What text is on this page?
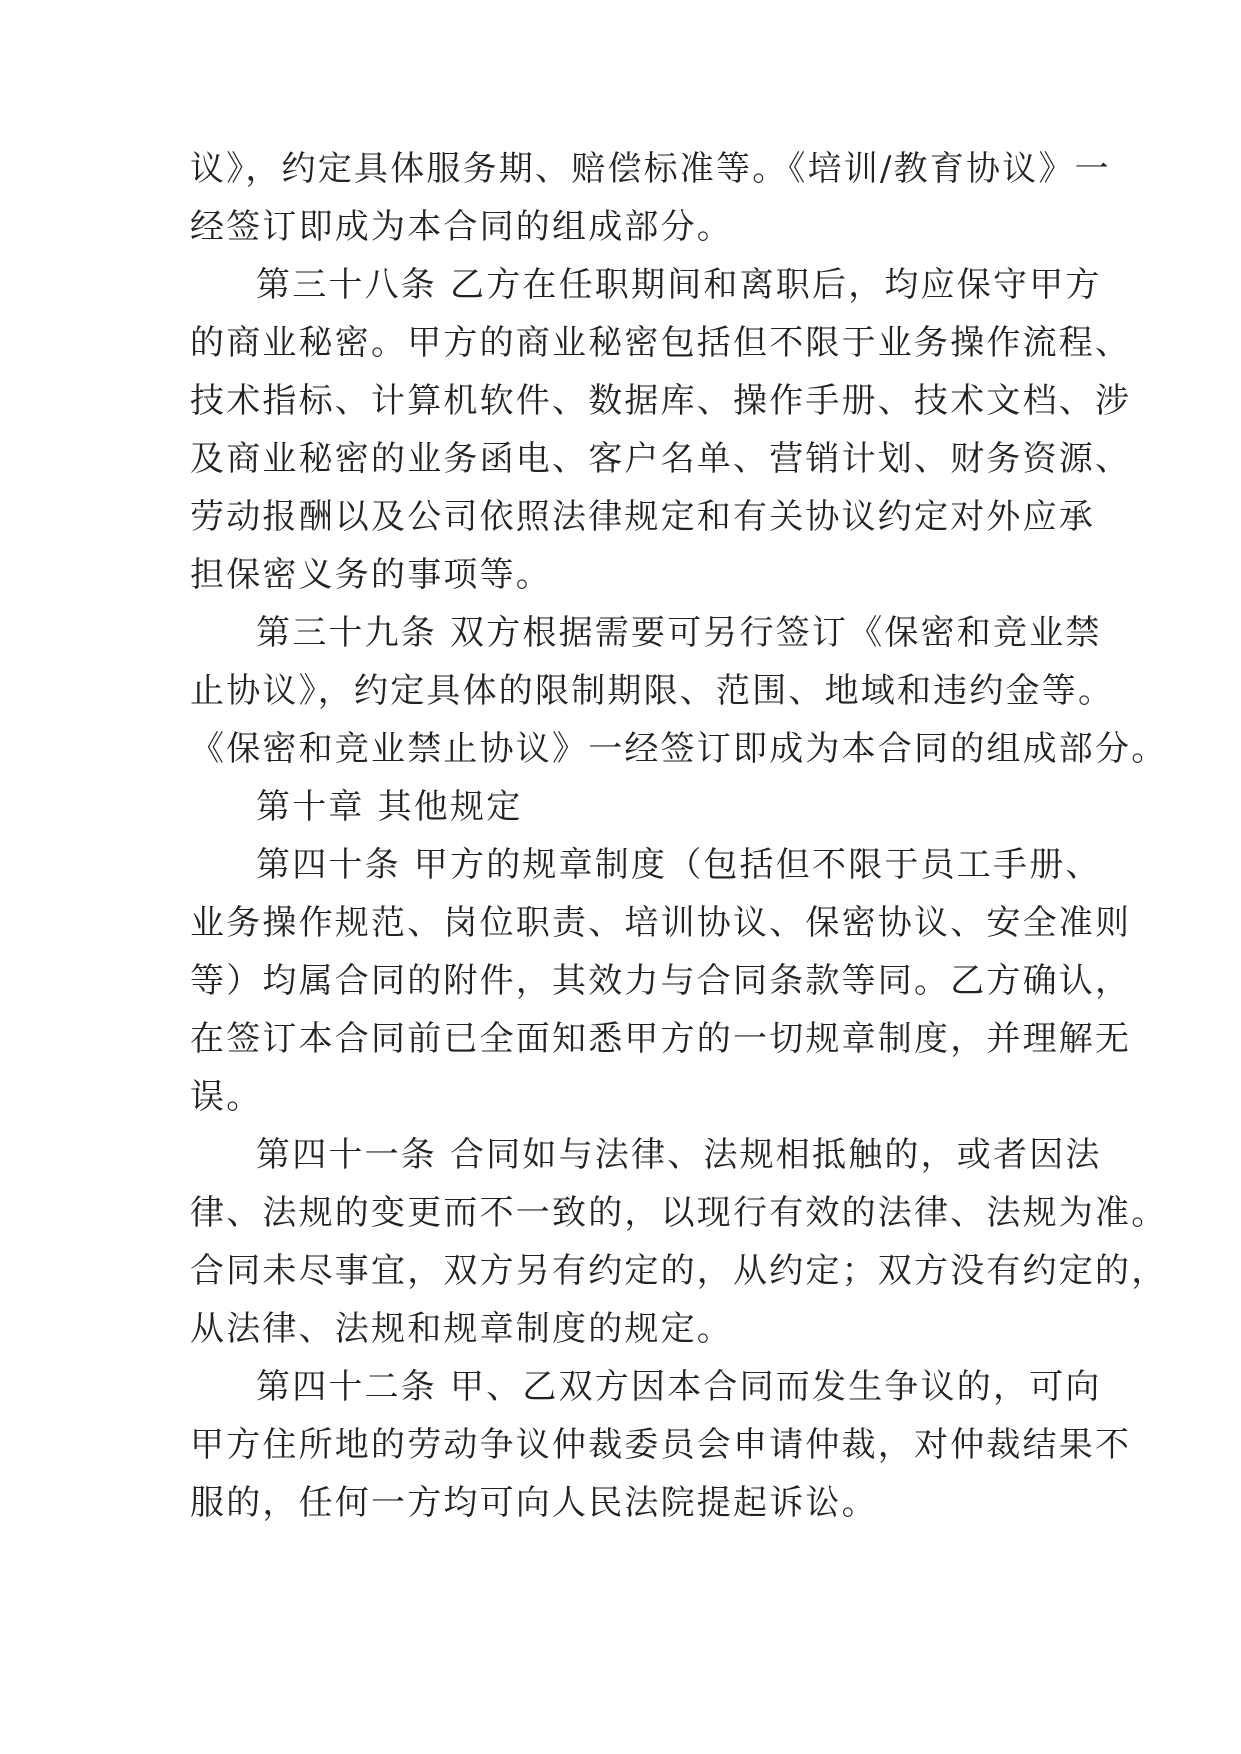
议》，约定具体服务期、赔偿标准等。《培训/教育协议》一
经签订即成为本合同的组成部分。
第三十八条 乙方在任职期间和离职后，均应保守甲方
的商业秘密。甲方的商业秘密包括但不限于业务操作流程、
技术指标、计算机软件、数据库、操作手册、技术文档、涉
及商业秘密的业务函电、客户名单、营销计划、财务资源、
劳动报酬以及公司依照法律规定和有关协议约定对外应承
担保密义务的事项等。
第三十九条 双方根据需要可另行签订《保密和竞业禁
止协议》，约定具体的限制期限、范围、地域和违约金等。
《保密和竞业禁止协议》一经签订即成为本合同的组成部分。
第十章 其他规定
第四十条 甲方的规章制度（包括但不限于员工手册、
业务操作规范、岗位职责、培训协议、保密协议、安全准则
等）均属合同的附件，其效力与合同条款等同。乙方确认，
在签订本合同前已全面知悉甲方的一切规章制度，并理解无
误。
第四十一条 合同如与法律、法规相抵触的，或者因法
律、法规的变更而不一致的，以现行有效的法律、法规为准。
合同未尽事宜，双方另有约定的，从约定；双方没有约定的，
从法律、法规和规章制度的规定。
第四十二条 甲、乙双方因本合同而发生争议的，可向
甲方住所地的劳动争议仲裁委员会申请仲裁，对仲裁结果不
服的，任何一方均可向人民法院提起诉讼。
